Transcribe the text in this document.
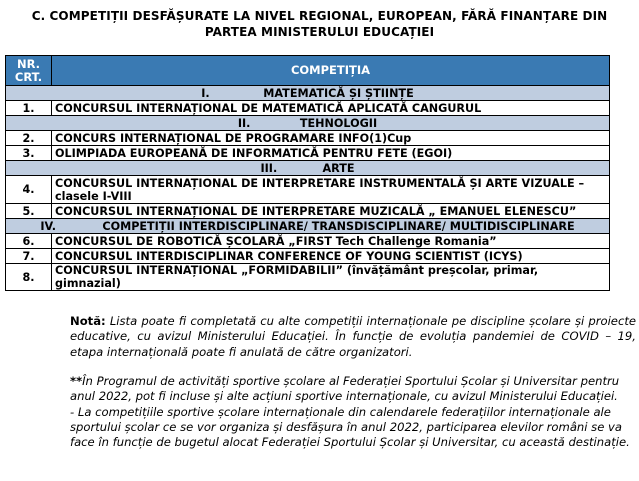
C. COMPETIȚII DESFĂȘURATE LA NIVEL REGIONAL, EUROPEAN, FĂRĂ FINANȚARE DIN
PARTEA MINISTERULUI EDUCAȚIEI
NR.
CRT.	COMPETIȚIA
I. MATEMATICĂ ȘI ȘTIINȚE	
1.	CONCURSUL INTERNAȚIONAL DE MATEMATICĂ APLICATĂ CANGURUL
II. TEHNOLOGII	
2.	CONCURS INTERNAȚIONAL DE PROGRAMARE INFO(1)Cup
3.	OLIMPIADA EUROPEANĂ DE INFORMATICĂ PENTRU FETE (EGOI)
III. ARTE	
4.	CONCURSUL INTERNAȚIONAL DE INTERPRETARE INSTRUMENTALĂ ȘI ARTE VIZUALE –
clasele I-VIII
5.	CONCURSUL INTERNAȚIONAL DE INTERPRETARE MUZICALĂ „ EMANUEL ELENESCU”
IV. COMPETIȚII INTERDISCIPLINARE/ TRANSDISCIPLINARE/ MULTIDISCIPLINARE	
6.	CONCURSUL DE ROBOTICĂ ȘCOLARĂ „FIRST Tech Challenge Romania”
7.	CONCURSUL INTERDISCIPLINAR CONFERENCE OF YOUNG SCIENTIST (ICYS)
8.	CONCURSUL INTERNAȚIONAL „FORMIDABILII” (învățământ preșcolar, primar, gimnazial)
Notă: Lista poate fi completată cu alte competiții internaționale pe discipline școlare și proiecte educative, cu avizul Ministerului Educației. În funcție de evoluția pandemiei de COVID – 19, etapa internațională poate fi anulată de către organizatori.
**În Programul de activități sportive școlare al Federației Sportului Școlar și Universitar pentru anul 2022, pot fi incluse și alte acțiuni sportive internaționale, cu avizul Ministerului Educației.
- La competițiile sportive școlare internaționale din calendarele federațiilor internaționale ale sportului școlar ce se vor organiza și desfășura în anul 2022, participarea elevilor români se va face în funcție de bugetul alocat Federației Sportului Școlar și Universitar, cu această destinație.
